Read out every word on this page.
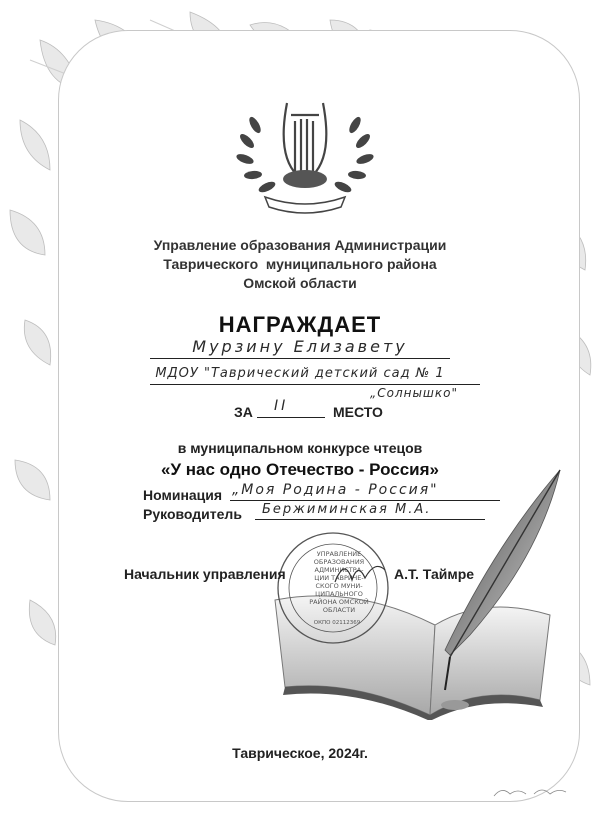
Управление образования Администрации
Таврического  муниципального района
Омской области
НАГРАЖДАЕТ
Мурзину Елизавету
МДОУ "Таврический детский сад № 1
„Солнышко"
ЗА II	МЕСТО
в муниципальном конкурсе чтецов
«У нас одно Отечество - Россия»
Номинация „Моя Родина - Россия"
Руководитель Бержиминская М.А.
УПРАВЛЕНИЕ
ОБРАЗОВАНИЯ
АДМИНИСТРА-
ЦИИ ТАВРИЧЕ-
СКОГО МУНИ-
ЦИПАЛЬНОГО
РАЙОНА ОМСКОЙ
ОБЛАСТИ
ОКПО 02112369
Начальник управления	А.Т. Таймре
Таврическое, 2024г.
